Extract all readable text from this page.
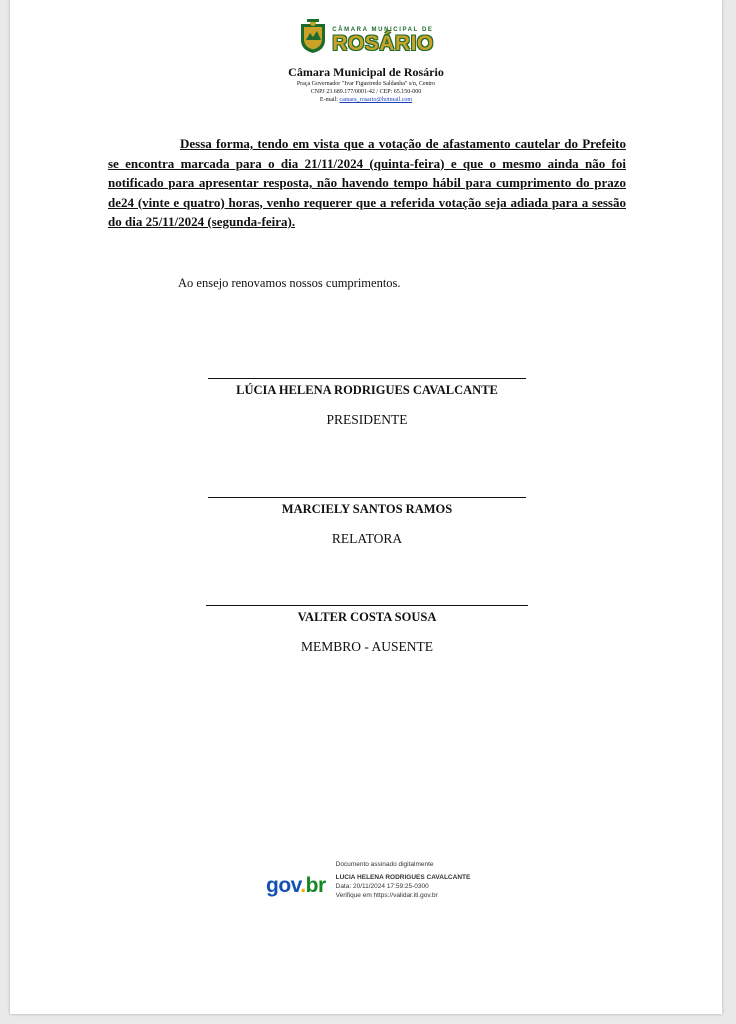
CÂMARA MUNICIPAL DE
ROSÁRIO
Câmara Municipal de Rosário
Praça Governador "Ivar Figueiredo Saldanha" s/n, Centro
CNPJ 23.689.177/0001-42 / CEP: 65.150-000
E-mail: camara_rosario@hotmail.com
Dessa forma, tendo em vista que a votação de afastamento cautelar do Prefeito se encontra marcada para o dia 21/11/2024 (quinta-feira) e que o mesmo ainda não foi notificado para apresentar resposta, não havendo tempo hábil para cumprimento do prazo de24 (vinte e quatro) horas, venho requerer que a referida votação seja adiada para a sessão do dia 25/11/2024 (segunda-feira).
Ao ensejo renovamos nossos cumprimentos.
LÚCIA HELENA RODRIGUES CAVALCANTE
PRESIDENTE
MARCIELY SANTOS RAMOS
RELATORA
VALTER COSTA SOUSA
MEMBRO - AUSENTE
gov.br
Documento assinado digitalmente
LUCIA HELENA RODRIGUES CAVALCANTE
Data: 20/11/2024 17:59:25-0300
Verifique em https://validar.iti.gov.br
